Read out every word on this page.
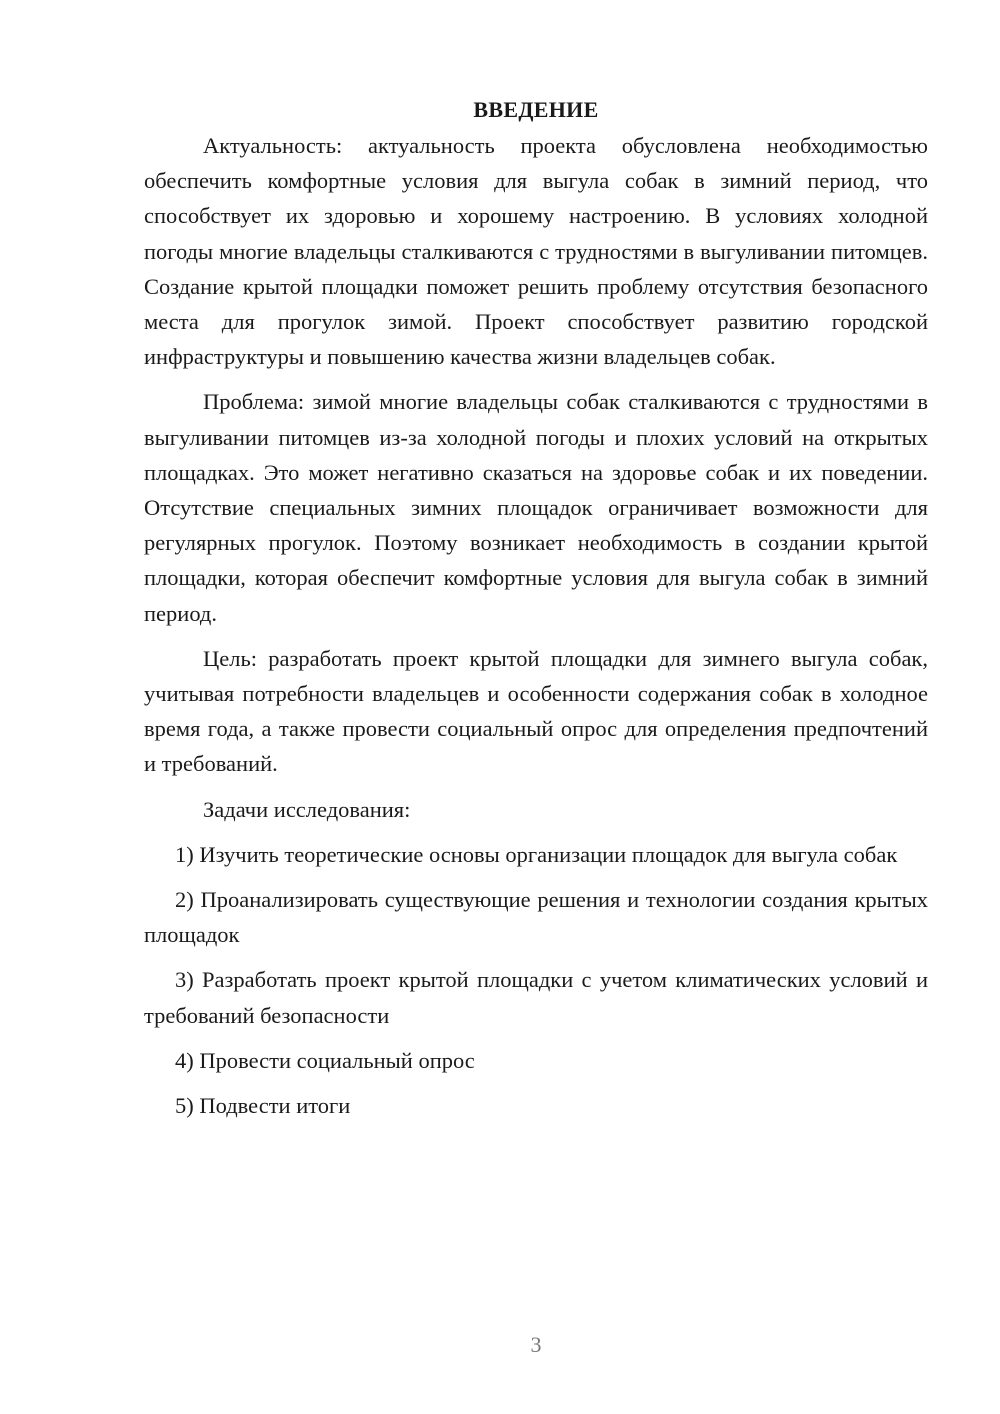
ВВЕДЕНИЕ

Актуальность: актуальность проекта обусловлена необходимостью обеспечить комфортные условия для выгула собак в зимний период, что способствует их здоровью и хорошему настроению. В условиях холодной погоды многие владельцы сталкиваются с трудностями в выгуливании питомцев. Создание крытой площадки поможет решить проблему отсутствия безопасного места для прогулок зимой. Проект способствует развитию городской инфраструктуры и повышению качества жизни владельцев собак.

Проблема: зимой многие владельцы собак сталкиваются с трудностями в выгуливании питомцев из-за холодной погоды и плохих условий на открытых площадках. Это может негативно сказаться на здоровье собак и их поведении. Отсутствие специальных зимних площадок ограничивает возможности для регулярных прогулок. Поэтому возникает необходимость в создании крытой площадки, которая обеспечит комфортные условия для выгула собак в зимний период.

Цель: разработать проект крытой площадки для зимнего выгула собак, учитывая потребности владельцев и особенности содержания собак в холодное время года, а также провести социальный опрос для определения предпочтений и требований.

Задачи исследования:

1) Изучить теоретические основы организации площадок для выгула собак

2) Проанализировать существующие решения и технологии создания крытых площадок

3) Разработать проект крытой площадки с учетом климатических условий и требований безопасности

4) Провести социальный опрос

5) Подвести итоги

3
